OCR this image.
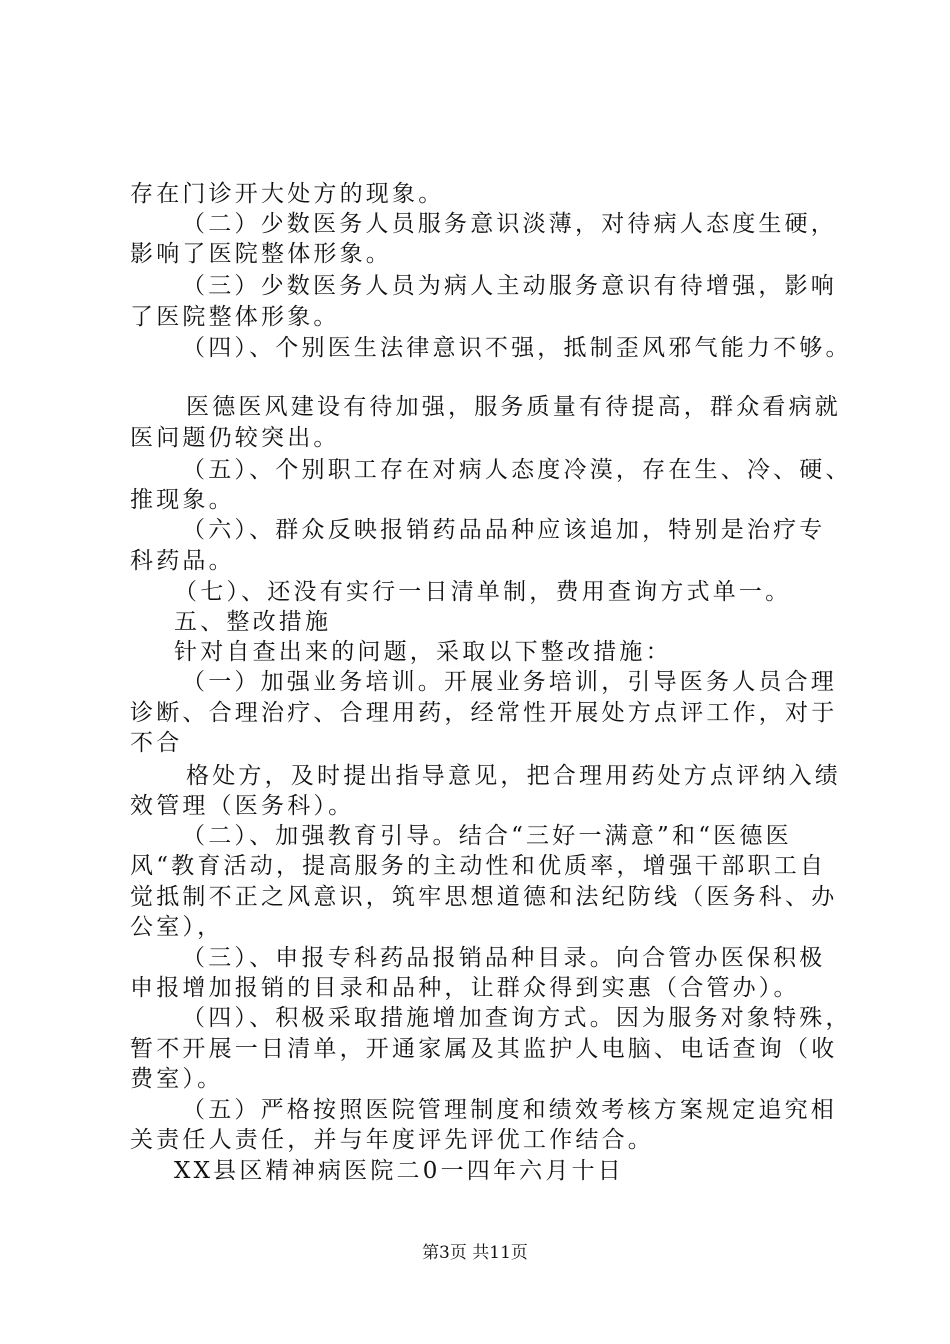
存在门诊开大处方的现象。
（二）少数医务人员服务意识淡薄，对待病人态度生硬，
影响了医院整体形象。
（三）少数医务人员为病人主动服务意识有待增强，影响
了医院整体形象。
（四）、个别医生法律意识不强，抵制歪风邪气能力不够。
医德医风建设有待加强，服务质量有待提高，群众看病就
医问题仍较突出。
（五）、个别职工存在对病人态度冷漠，存在生、冷、硬、
推现象。
（六）、群众反映报销药品品种应该追加，特别是治疗专
科药品。
（七）、还没有实行一日清单制，费用查询方式单一。
五、整改措施
针对自查出来的问题，采取以下整改措施：
（一）加强业务培训。开展业务培训，引导医务人员合理
诊断、合理治疗、合理用药，经常性开展处方点评工作，对于
不合
格处方，及时提出指导意见，把合理用药处方点评纳入绩
效管理（医务科）。
（二）、加强教育引导。结合“三好一满意”和“医德医
风“教育活动，提高服务的主动性和优质率，增强干部职工自
觉抵制不正之风意识，筑牢思想道德和法纪防线（医务科、办
公室），
（三）、申报专科药品报销品种目录。向合管办医保积极
申报增加报销的目录和品种，让群众得到实惠（合管办）。
（四）、积极采取措施增加查询方式。因为服务对象特殊，
暂不开展一日清单，开通家属及其监护人电脑、电话查询（收
费室）。
（五）严格按照医院管理制度和绩效考核方案规定追究相
关责任人责任，并与年度评先评优工作结合。
XX县区精神病医院二0一四年六月十日
第3页 共11页
